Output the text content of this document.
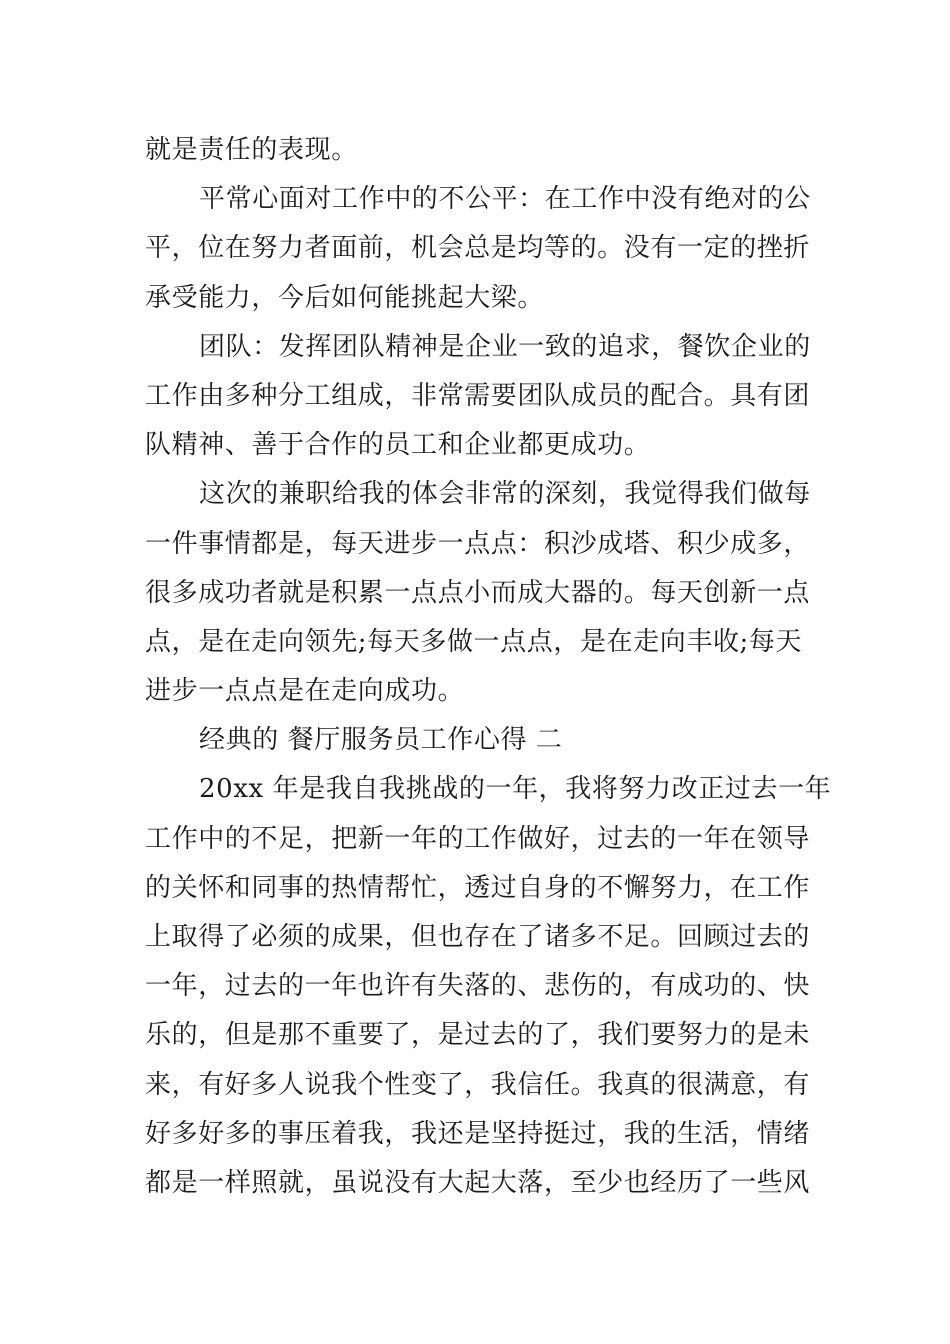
就是责任的表现。
平常心面对工作中的不公平：在工作中没有绝对的公
平，位在努力者面前，机会总是均等的。没有一定的挫折
承受能力，今后如何能挑起大梁。
团队：发挥团队精神是企业一致的追求，餐饮企业的
工作由多种分工组成，非常需要团队成员的配合。具有团
队精神、善于合作的员工和企业都更成功。
这次的兼职给我的体会非常的深刻，我觉得我们做每
一件事情都是，每天进步一点点：积沙成塔、积少成多，
很多成功者就是积累一点点小而成大器的。每天创新一点
点，是在走向领先;每天多做一点点，是在走向丰收;每天
进步一点点是在走向成功。
经典的 餐厅服务员工作心得 二
20xx 年是我自我挑战的一年，我将努力改正过去一年
工作中的不足，把新一年的工作做好，过去的一年在领导
的关怀和同事的热情帮忙，透过自身的不懈努力，在工作
上取得了必须的成果，但也存在了诸多不足。回顾过去的
一年，过去的一年也许有失落的、悲伤的，有成功的、快
乐的，但是那不重要了，是过去的了，我们要努力的是未
来，有好多人说我个性变了，我信任。我真的很满意，有
好多好多的事压着我，我还是坚持挺过，我的生活，情绪
都是一样照就，虽说没有大起大落，至少也经历了一些风
